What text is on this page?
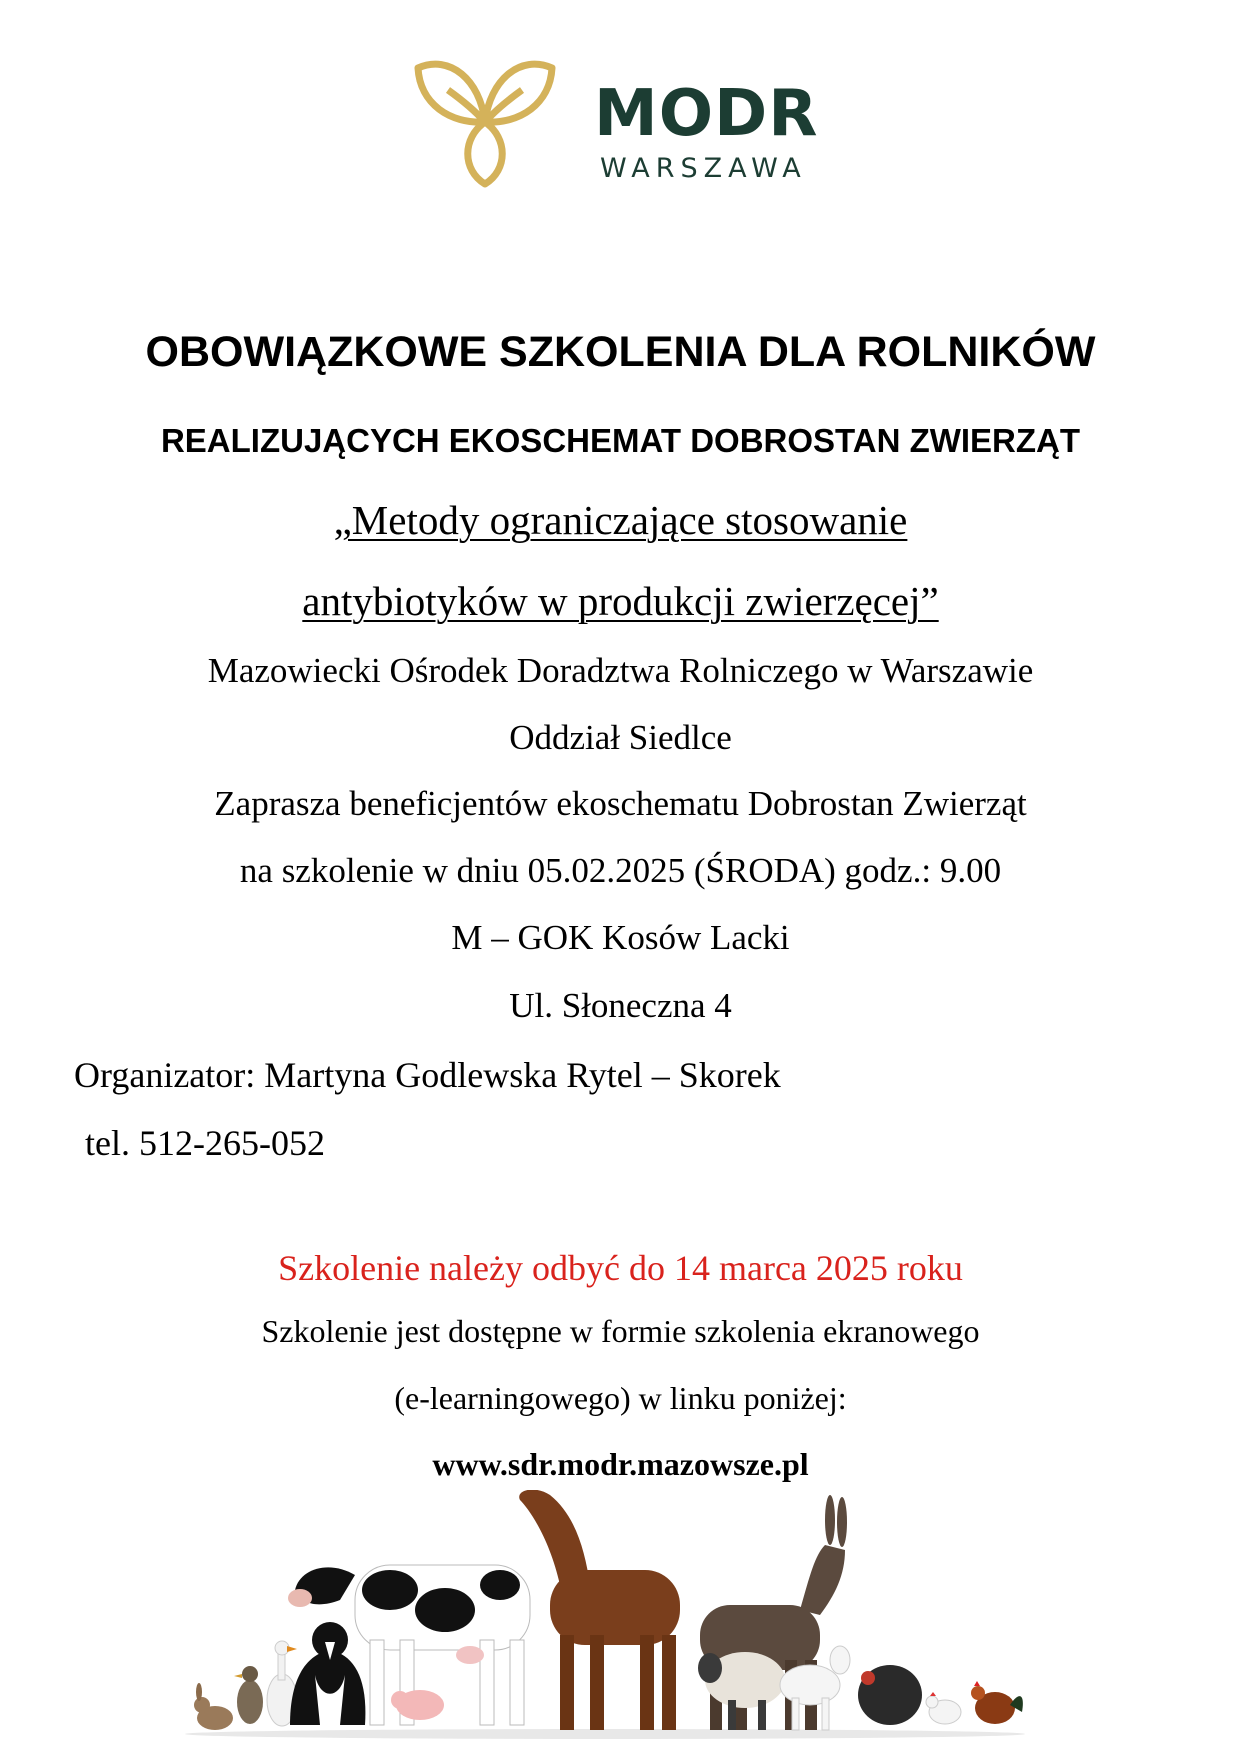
MODR
WARSZAWA

OBOWIĄZKOWE SZKOLENIA DLA ROLNIKÓW

REALIZUJĄCYCH EKOSCHEMAT DOBROSTAN ZWIERZĄT

„Metody ograniczające stosowanie

antybiotyków w produkcji zwierzęcej”

Mazowiecki Ośrodek Doradztwa Rolniczego w Warszawie

Oddział Siedlce

Zaprasza beneficjentów ekoschematu Dobrostan Zwierząt

na szkolenie w dniu 05.02.2025 (ŚRODA) godz.: 9.00

M – GOK Kosów Lacki

Ul. Słoneczna 4

Organizator: Martyna Godlewska Rytel – Skorek

tel. 512-265-052

Szkolenie należy odbyć do 14 marca 2025 roku

Szkolenie jest dostępne w formie szkolenia ekranowego

(e-learningowego) w linku poniżej:

www.sdr.modr.mazowsze.pl
